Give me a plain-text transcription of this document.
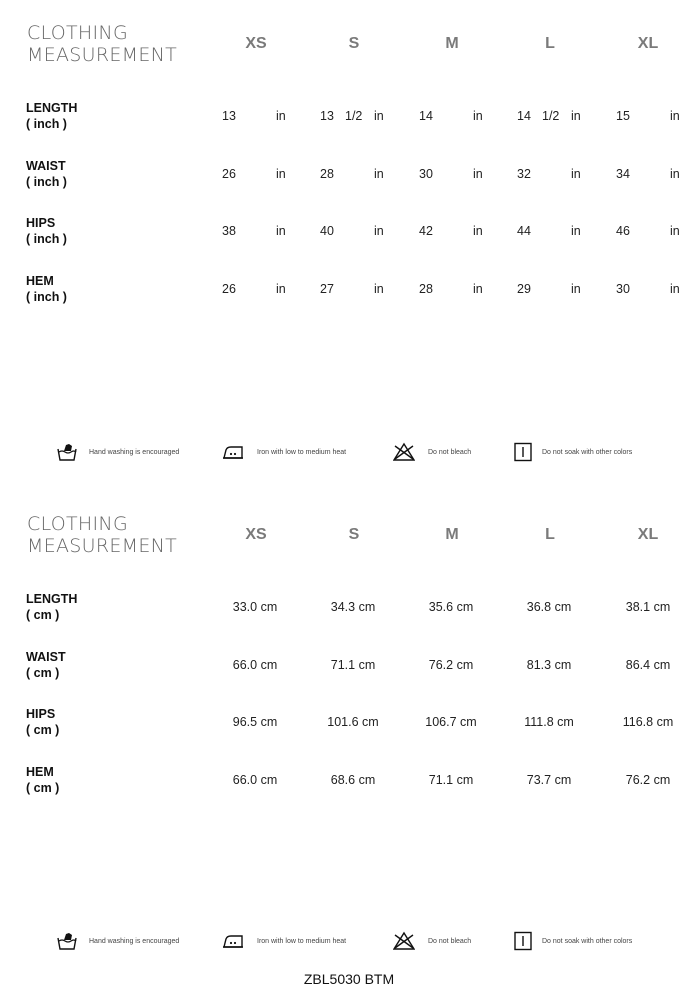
CLOTHING
MEASUREMENT
XS	S	M	L	XL
LENGTH
( inch )
13	in	13 1/2 in	14	in	14 1/2 in	15	in
WAIST
( inch )
26	in	28	in	30	in	32	in	34	in
HIPS
( inch )
38	in	40	in	42	in	44	in	46	in
HEM
( inch )
26	in	27	in	28	in	29	in	30	in
Hand washing is encouraged	Iron with low to medium heat	Do not bleach	Do not soak with other colors
CLOTHING
MEASUREMENT
XS	S	M	L	XL
LENGTH
( cm )
33.0 cm	34.3 cm	35.6 cm	36.8 cm	38.1 cm
WAIST
( cm )
66.0 cm	71.1 cm	76.2 cm	81.3 cm	86.4 cm
HIPS
( cm )
96.5 cm	101.6 cm	106.7 cm	111.8 cm	116.8 cm
HEM
( cm )
66.0 cm	68.6 cm	71.1 cm	73.7 cm	76.2 cm
Hand washing is encouraged	Iron with low to medium heat	Do not bleach	Do not soak with other colors
ZBL5030 BTM
